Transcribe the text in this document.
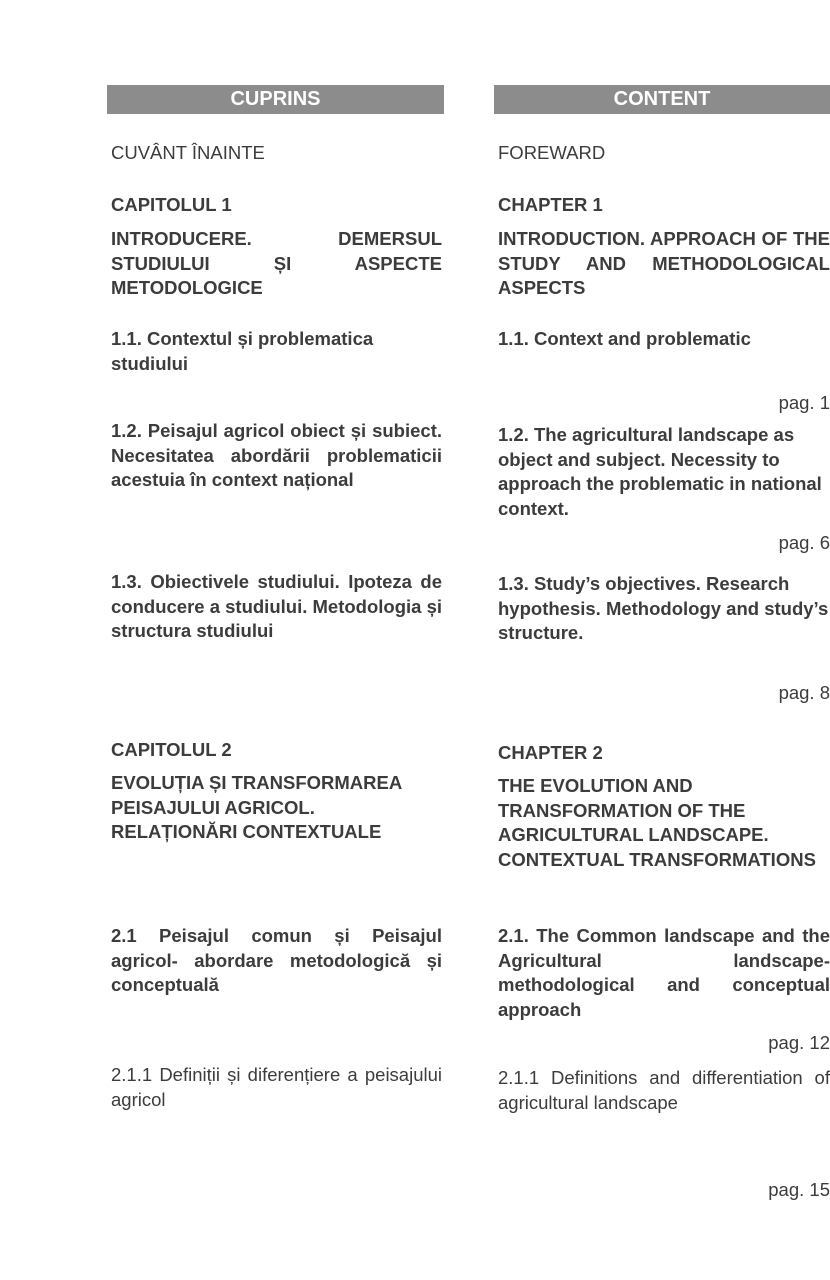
CUPRINS
CUVÂNT ÎNAINTE
CAPITOLUL 1
INTRODUCERE. DEMERSUL STUDIULUI ȘI ASPECTE METODOLOGICE
1.1. Contextul și problematica studiului
1.2. Peisajul agricol obiect și subiect. Necesitatea abordării problematicii acestuia în context național
1.3. Obiectivele studiului. Ipoteza de conducere a studiului. Metodologia și structura studiului
CAPITOLUL 2
EVOLUȚIA ȘI TRANSFORMAREA PEISAJULUI AGRICOL. RELAȚIONĂRI CONTEXTUALE
2.1 Peisajul comun și Peisajul agricol- abordare metodologică și conceptuală
2.1.1 Definiții și diferențiere a peisajului agricol
CONTENT
FOREWARD
CHAPTER 1
INTRODUCTION. APPROACH OF THE STUDY AND METHODOLOGICAL ASPECTS
1.1. Context and problematic
pag. 1
1.2. The agricultural landscape as object and subject. Necessity to approach the problematic in national context.
pag. 6
1.3. Study’s objectives. Research hypothesis. Methodology and study’s structure.
pag. 8
CHAPTER 2
THE EVOLUTION AND TRANSFORMATION OF THE AGRICULTURAL LANDSCAPE. CONTEXTUAL TRANSFORMATIONS
2.1. The Common landscape and the Agricultural landscape- methodological and conceptual approach
pag. 12
2.1.1 Definitions and differentiation of agricultural landscape
pag. 15
